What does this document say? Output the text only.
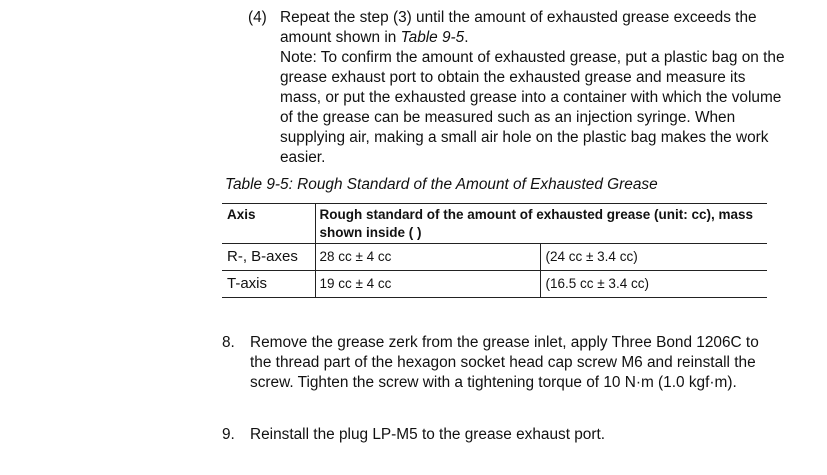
(4) Repeat the step (3) until the amount of exhausted grease exceeds the amount shown in Table 9-5.
Note: To confirm the amount of exhausted grease, put a plastic bag on the grease exhaust port to obtain the exhausted grease and measure its mass, or put the exhausted grease into a container with which the volume of the grease can be measured such as an injection syringe. When supplying air, making a small air hole on the plastic bag makes the work easier.
Table 9-5: Rough Standard of the Amount of Exhausted Grease
Axis	Rough standard of the amount of exhausted grease (unit: cc), mass shown inside ( )	
R-, B-axes	28 cc ± 4 cc	(24 cc ± 3.4 cc)
T-axis	19 cc ± 4 cc	(16.5 cc ± 3.4 cc)
8. Remove the grease zerk from the grease inlet, apply Three Bond 1206C to the thread part of the hexagon socket head cap screw M6 and reinstall the screw. Tighten the screw with a tightening torque of 10 N·m (1.0 kgf·m).
9. Reinstall the plug LP-M5 to the grease exhaust port.
